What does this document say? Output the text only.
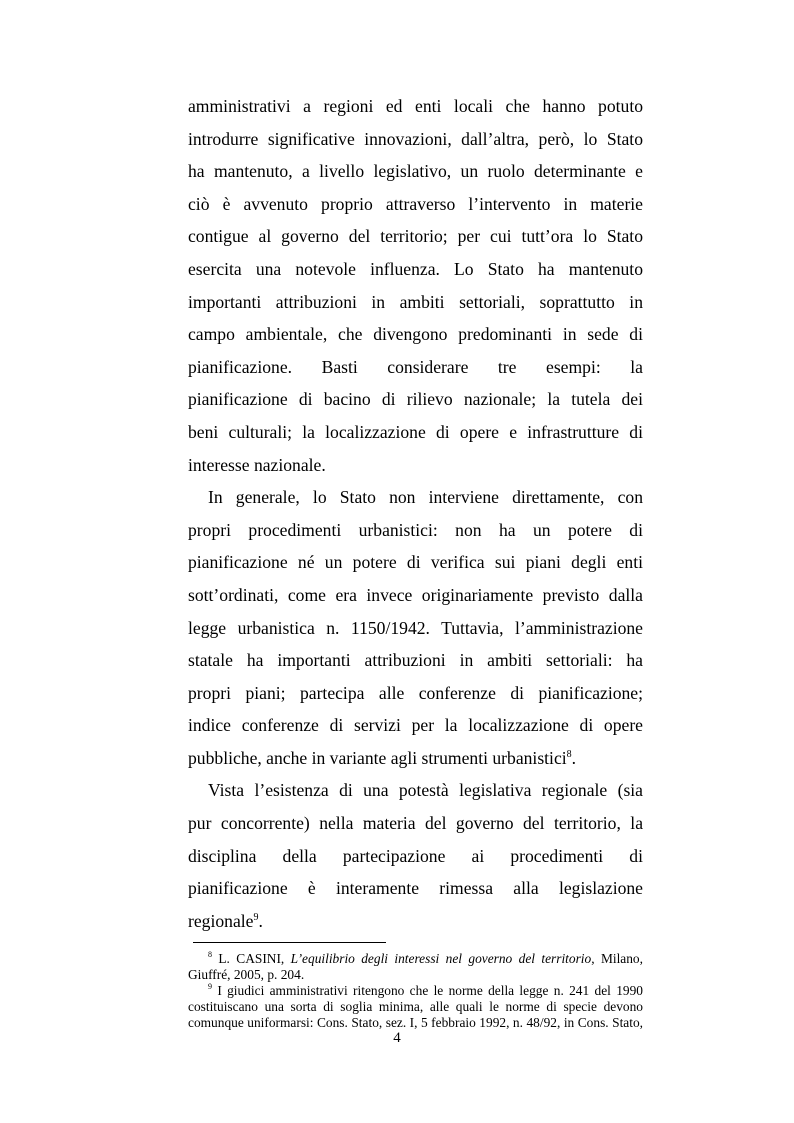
amministrativi a regioni ed enti locali che hanno potuto
introdurre significative innovazioni, dall’altra, però, lo Stato
ha mantenuto, a livello legislativo, un ruolo determinante e
ciò è avvenuto proprio attraverso l’intervento in materie
contigue al governo del territorio; per cui tutt’ora lo Stato
esercita una notevole influenza. Lo Stato ha mantenuto
importanti attribuzioni in ambiti settoriali, soprattutto in
campo ambientale, che divengono predominanti in sede di
pianificazione. Basti considerare tre esempi: la
pianificazione di bacino di rilievo nazionale; la tutela dei
beni culturali; la localizzazione di opere e infrastrutture di
interesse nazionale.

In generale, lo Stato non interviene direttamente, con
propri procedimenti urbanistici: non ha un potere di
pianificazione né un potere di verifica sui piani degli enti
sott’ordinati, come era invece originariamente previsto dalla
legge urbanistica n. 1150/1942. Tuttavia, l’amministrazione
statale ha importanti attribuzioni in ambiti settoriali: ha
propri piani; partecipa alle conferenze di pianificazione;
indice conferenze di servizi per la localizzazione di opere
pubbliche, anche in variante agli strumenti urbanistici$^8$.

Vista l’esistenza di una potestà legislativa regionale (sia
pur concorrente) nella materia del governo del territorio, la
disciplina della partecipazione ai procedimenti di
pianificazione è interamente rimessa alla legislazione
regionale$^9$.

$^8$ L. CASINI, L’equilibrio degli interessi nel governo del territorio, Milano,
Giuffré, 2005, p. 204.
$^9$ I giudici amministrativi ritengono che le norme della legge n. 241 del 1990
costituiscano una sorta di soglia minima, alle quali le norme di specie devono
comunque uniformarsi: Cons. Stato, sez. I, 5 febbraio 1992, n. 48/92, in Cons. Stato,
4
